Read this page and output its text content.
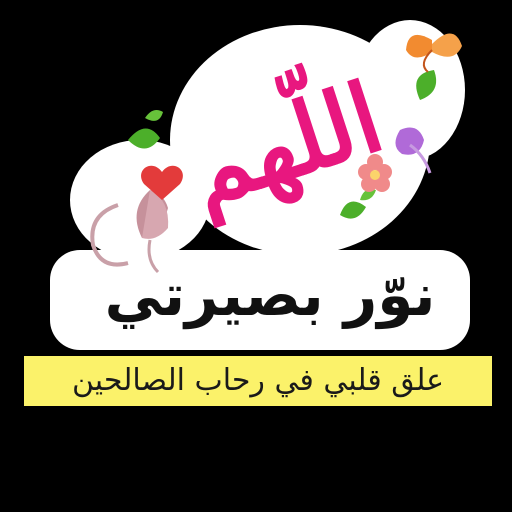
اللّهم
نوّر بصيرتي
علق قلبي في رحاب الصالحين
